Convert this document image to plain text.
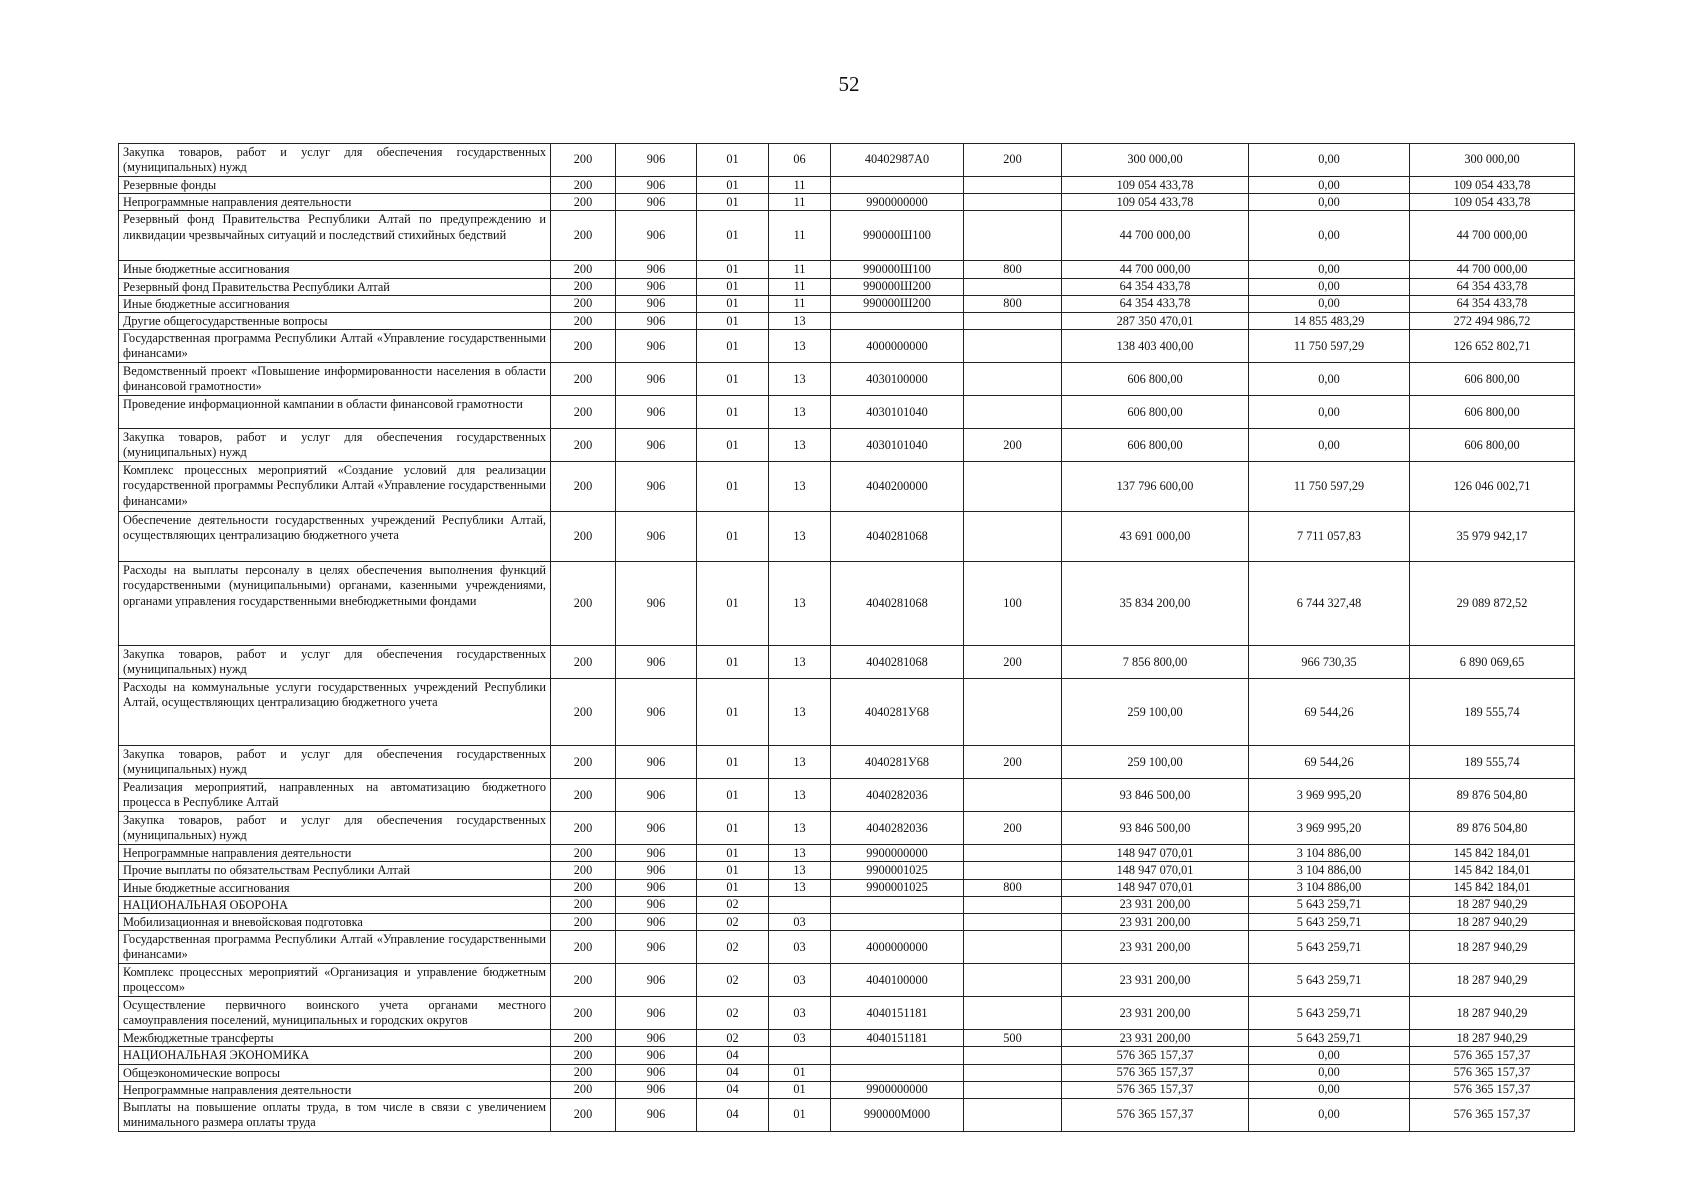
52
Закупка товаров, работ и услуг для обеспечения государственных (муниципальных) нужд	200	906	01	06	40402987А0	200	300 000,00	0,00	300 000,00
Резервные фонды	200	906	01	11			109 054 433,78	0,00	109 054 433,78
Непрограммные направления деятельности	200	906	01	11	9900000000		109 054 433,78	0,00	109 054 433,78
Резервный фонд Правительства Республики Алтай по предупреждению и ликвидации чрезвычайных ситуаций и последствий стихийных бедствий	200	906	01	11	990000Ш100		44 700 000,00	0,00	44 700 000,00
Иные бюджетные ассигнования	200	906	01	11	990000Ш100	800	44 700 000,00	0,00	44 700 000,00
Резервный фонд Правительства Республики Алтай	200	906	01	11	990000Ш200		64 354 433,78	0,00	64 354 433,78
Иные бюджетные ассигнования	200	906	01	11	990000Ш200	800	64 354 433,78	0,00	64 354 433,78
Другие общегосударственные вопросы	200	906	01	13			287 350 470,01	14 855 483,29	272 494 986,72
Государственная программа Республики Алтай «Управление государственными финансами»	200	906	01	13	4000000000		138 403 400,00	11 750 597,29	126 652 802,71
Ведомственный проект «Повышение информированности населения в области финансовой грамотности»	200	906	01	13	4030100000		606 800,00	0,00	606 800,00
Проведение информационной кампании в области финансовой грамотности	200	906	01	13	4030101040		606 800,00	0,00	606 800,00
Закупка товаров, работ и услуг для обеспечения государственных (муниципальных) нужд	200	906	01	13	4030101040	200	606 800,00	0,00	606 800,00
Комплекс процессных мероприятий «Создание условий для реализации государственной программы Республики Алтай «Управление государственными финансами»	200	906	01	13	4040200000		137 796 600,00	11 750 597,29	126 046 002,71
Обеспечение деятельности государственных учреждений Республики Алтай, осуществляющих централизацию бюджетного учета	200	906	01	13	4040281068		43 691 000,00	7 711 057,83	35 979 942,17
Расходы на выплаты персоналу в целях обеспечения выполнения функций государственными (муниципальными) органами, казенными учреждениями, органами управления государственными внебюджетными фондами	200	906	01	13	4040281068	100	35 834 200,00	6 744 327,48	29 089 872,52
Закупка товаров, работ и услуг для обеспечения государственных (муниципальных) нужд	200	906	01	13	4040281068	200	7 856 800,00	966 730,35	6 890 069,65
Расходы на коммунальные услуги государственных учреждений Республики Алтай, осуществляющих централизацию бюджетного учета	200	906	01	13	4040281У68		259 100,00	69 544,26	189 555,74
Закупка товаров, работ и услуг для обеспечения государственных (муниципальных) нужд	200	906	01	13	4040281У68	200	259 100,00	69 544,26	189 555,74
Реализация мероприятий, направленных на автоматизацию бюджетного процесса в Республике Алтай	200	906	01	13	4040282036		93 846 500,00	3 969 995,20	89 876 504,80
Закупка товаров, работ и услуг для обеспечения государственных (муниципальных) нужд	200	906	01	13	4040282036	200	93 846 500,00	3 969 995,20	89 876 504,80
Непрограммные направления деятельности	200	906	01	13	9900000000		148 947 070,01	3 104 886,00	145 842 184,01
Прочие выплаты по обязательствам Республики Алтай	200	906	01	13	9900001025		148 947 070,01	3 104 886,00	145 842 184,01
Иные бюджетные ассигнования	200	906	01	13	9900001025	800	148 947 070,01	3 104 886,00	145 842 184,01
НАЦИОНАЛЬНАЯ ОБОРОНА	200	906	02				23 931 200,00	5 643 259,71	18 287 940,29
Мобилизационная и вневойсковая подготовка	200	906	02	03			23 931 200,00	5 643 259,71	18 287 940,29
Государственная программа Республики Алтай «Управление государственными финансами»	200	906	02	03	4000000000		23 931 200,00	5 643 259,71	18 287 940,29
Комплекс процессных мероприятий «Организация и управление бюджетным процессом»	200	906	02	03	4040100000		23 931 200,00	5 643 259,71	18 287 940,29
Осуществление первичного воинского учета органами местного самоуправления поселений, муниципальных и городских округов	200	906	02	03	4040151181		23 931 200,00	5 643 259,71	18 287 940,29
Межбюджетные трансферты	200	906	02	03	4040151181	500	23 931 200,00	5 643 259,71	18 287 940,29
НАЦИОНАЛЬНАЯ ЭКОНОМИКА	200	906	04				576 365 157,37	0,00	576 365 157,37
Общеэкономические вопросы	200	906	04	01			576 365 157,37	0,00	576 365 157,37
Непрограммные направления деятельности	200	906	04	01	9900000000		576 365 157,37	0,00	576 365 157,37
Выплаты на повышение оплаты труда, в том числе в связи с увеличением минимального размера оплаты труда	200	906	04	01	990000М000		576 365 157,37	0,00	576 365 157,37
